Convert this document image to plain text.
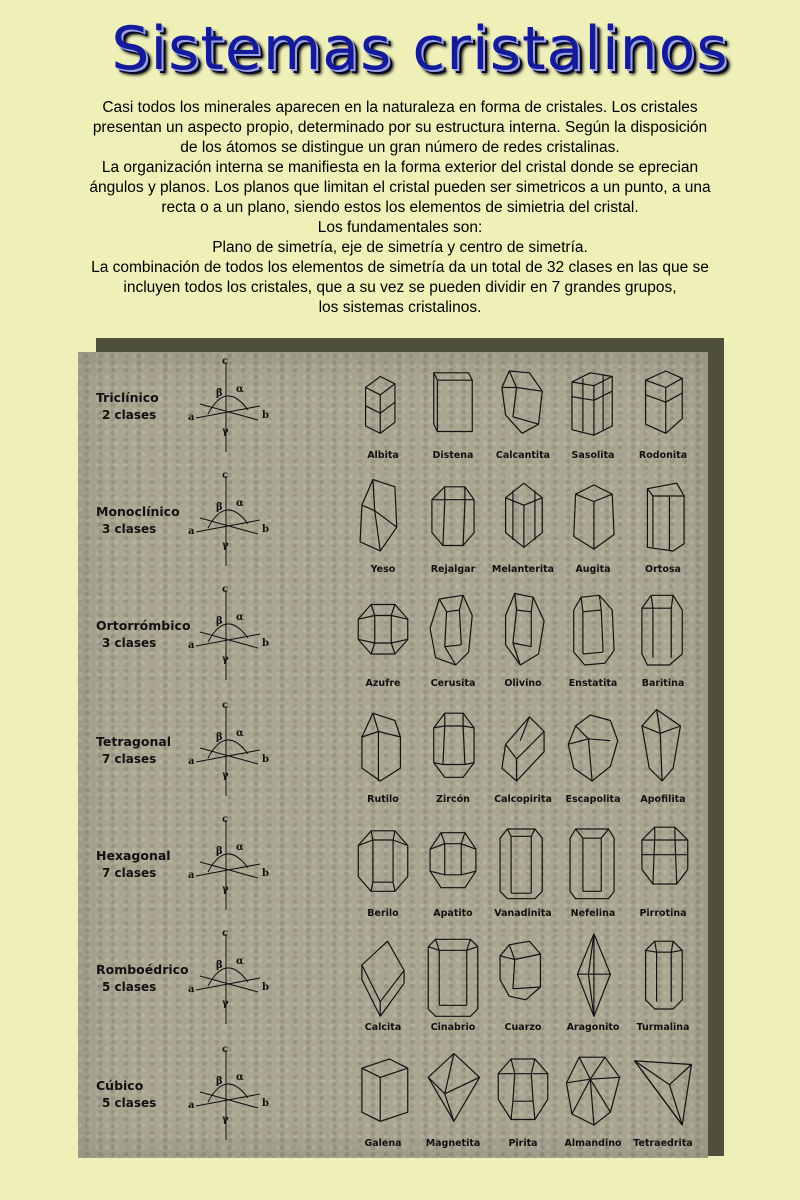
Sistemas cristalinos

Casi todos los minerales aparecen en la naturaleza en forma de cristales. Los cristales

presentan un aspecto propio, determinado por su estructura interna. Según la disposición

de los átomos se distingue un gran número de redes cristalinas.

La organización interna se manifiesta en la forma exterior del cristal donde se eprecian

ángulos y planos. Los planos que limitan el cristal pueden ser simetricos a un punto, a una

recta o a un plano, siendo estos los elementos de simietria del cristal.

Los fundamentales son:

Plano de simetría, eje de simetría y centro de simetría.

La combinación de todos los elementos de simetría da un total de 32 clases en las que se

incluyen todos los cristales, que a su vez se pueden dividir en 7 grandes grupos,

los sistemas cristalinos.

Triclínico
2 clases
c
β α
γ
a	b
Albita	Distena	Calcantita	Sasolita	Rodonita
Monoclínico
3 clases
c
β α
γ
a	b
Yeso	Rejalgar	Melanterita	Augita	Ortosa
Ortorrómbico
3 clases
c
β α
γ
a	b
Azufre	Cerusita	Olivino	Enstatita	Baritina
Tetragonal
7 clases
c
β α
γ
a	b
Rutilo	Zircón	Calcopirita	Escapolita	Apofilita
Hexagonal
7 clases
c
β α
γ
a	b
Berilo	Apatito	Vanadinita	Nefelina	Pirrotina
Romboédrico
5 clases
c
β α
γ
a	b
Calcita	Cinabrio	Cuarzo	Aragonito	Turmalina
Cúbico
5 clases
c
β α
γ
a	b
Galena	Magnetita	Pirita	Almandino	Tetraedrita
